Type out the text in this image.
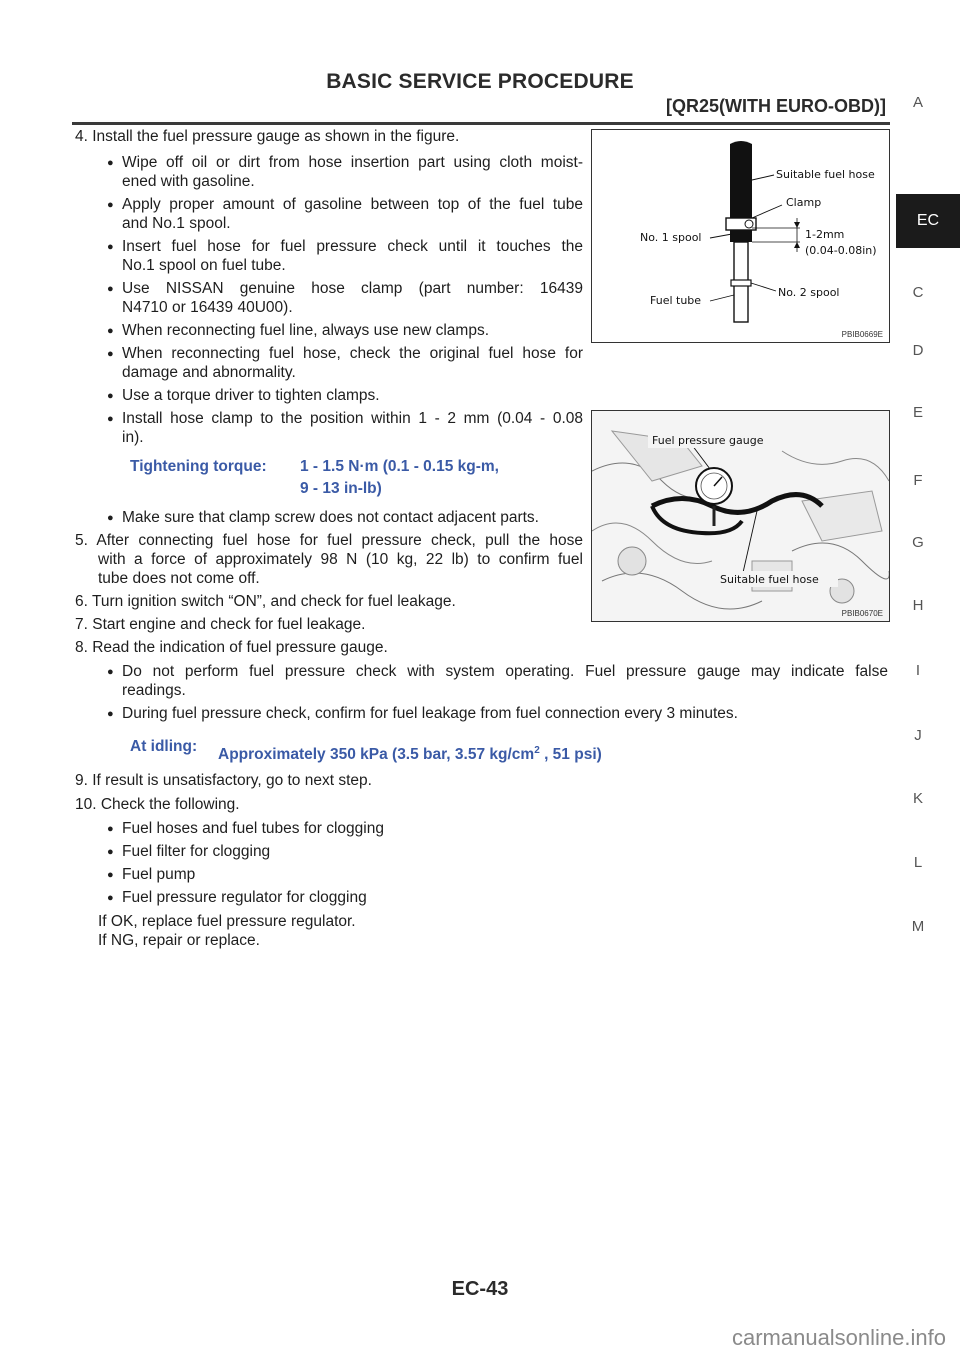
BASIC SERVICE PROCEDURE
[QR25(WITH EURO-OBD)]	A
EC
C
D
E
F
G
H
I
J
K
L
M
4. Install the fuel pressure gauge as shown in the figure.
● Wipe off oil or dirt from hose insertion part using cloth moist-
ened with gasoline.
● Apply proper amount of gasoline between top of the fuel tube
and No.1 spool.
● Insert fuel hose for fuel pressure check until it touches the
No.1 spool on fuel tube.
● Use NISSAN genuine hose clamp (part number: 16439
N4710 or 16439 40U00).
● When reconnecting fuel line, always use new clamps.
● When reconnecting fuel hose, check the original fuel hose for
damage and abnormality.
● Use a torque driver to tighten clamps.
● Install hose clamp to the position within 1 - 2 mm (0.04 - 0.08
in).
Tightening torque: 1 - 1.5 N·m (0.1 - 0.15 kg-m,
9 - 13 in-lb)
● Make sure that clamp screw does not contact adjacent parts.
5. After connecting fuel hose for fuel pressure check, pull the hose
with a force of approximately 98 N (10 kg, 22 lb) to confirm fuel
tube does not come off.
6. Turn ignition switch “ON”, and check for fuel leakage.
7. Start engine and check for fuel leakage.
8. Read the indication of fuel pressure gauge.
● Do not perform fuel pressure check with system operating. Fuel pressure gauge may indicate false
readings.
● During fuel pressure check, confirm for fuel leakage from fuel connection every 3 minutes.
At idling: Approximately 350 kPa (3.5 bar, 3.57 $kg/cm^2$ , 51 psi)
9. If result is unsatisfactory, go to next step.
10. Check the following.
● Fuel hoses and fuel tubes for clogging
● Fuel filter for clogging
● Fuel pump
● Fuel pressure regulator for clogging
If OK, replace fuel pressure regulator.
If NG, repair or replace.
Suitable fuel hose
Clamp
No. 1 spool	1-2mm
(0.04-0.08in)
Fuel tube
No. 2 spool
PBIB0669E
Fuel pressure gauge
Suitable fuel hose
PBIB0670E
EC-43
carmanualsonline.info
